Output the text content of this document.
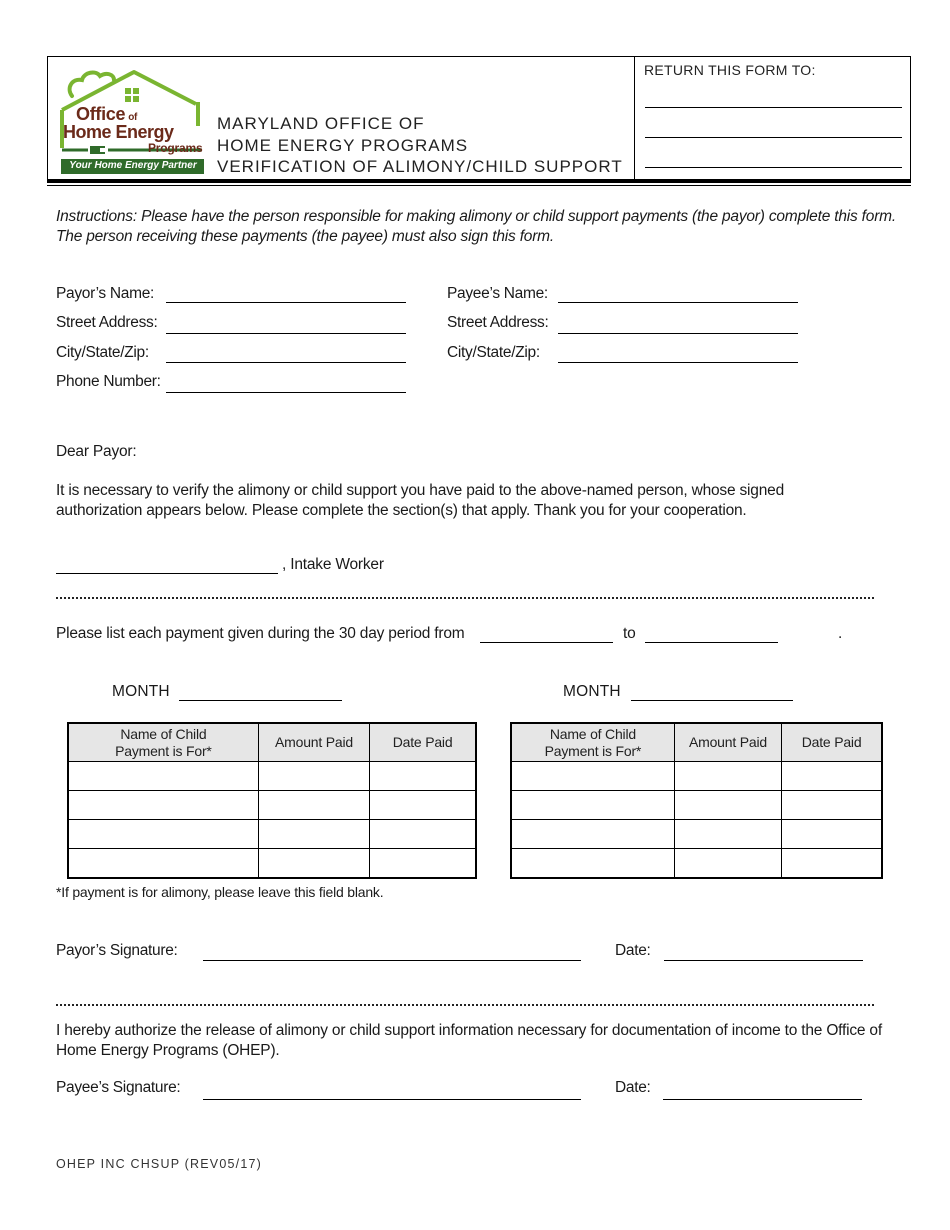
Office of
Home Energy
Programs
Your Home Energy Partner
MARYLAND OFFICE OF
HOME ENERGY PROGRAMS
VERIFICATION OF ALIMONY/CHILD SUPPORT
RETURN THIS FORM TO:
Instructions: Please have the person responsible for making alimony or child support payments (the payor) complete this form. The person receiving these payments (the payee) must also sign this form.
Payor’s Name:
Street Address:
City/State/Zip:
Phone Number:
Payee’s Name:
Street Address:
City/State/Zip:
Dear Payor:
It is necessary to verify the alimony or child support you have paid to the above-named person, whose signed authorization appears below. Please complete the section(s) that apply. Thank you for your cooperation.
, Intake Worker
Please list each payment given during the 30 day period from	to	.
MONTH	MONTH
Name of Child Payment is For*	Amount Paid	Date Paid

Name of Child Payment is For*	Amount Paid	Date Paid

*If payment is for alimony, please leave this field blank.
Payor’s Signature:	Date:
I hereby authorize the release of alimony or child support information necessary for documentation of income to the Office of Home Energy Programs (OHEP).
Payee’s Signature:	Date:
OHEP INC CHSUP (REV05/17)
